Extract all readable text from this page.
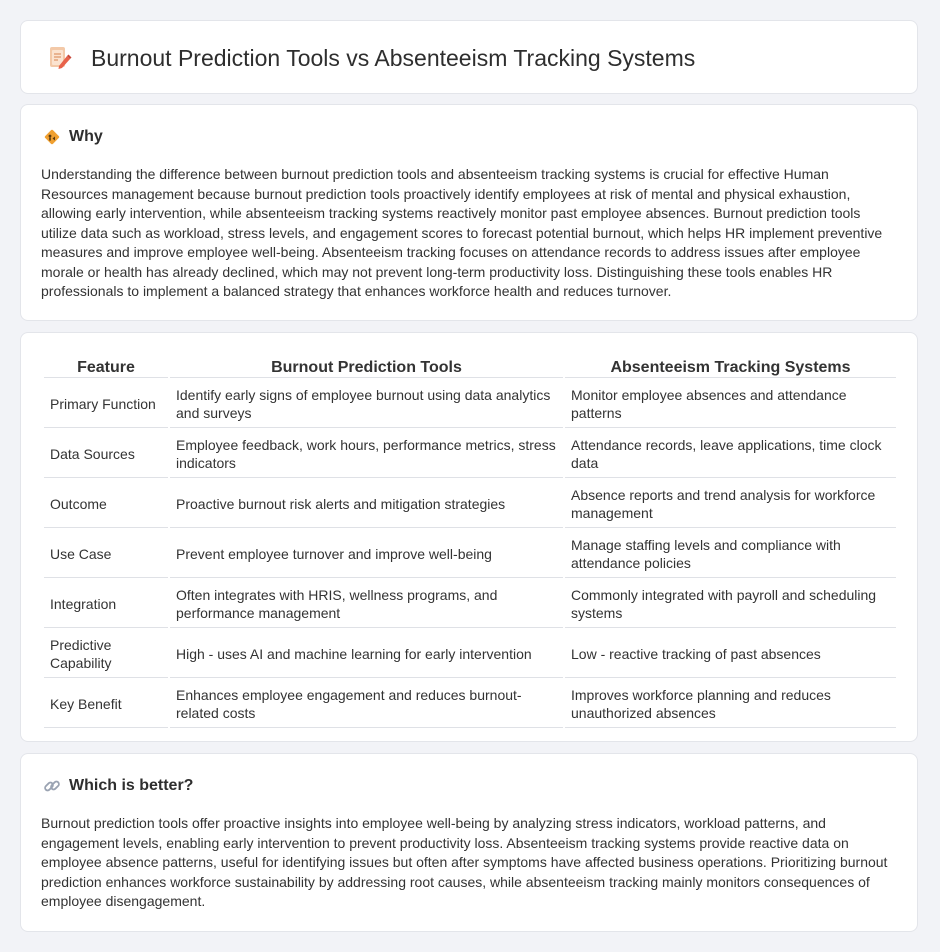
Burnout Prediction Tools vs Absenteeism Tracking Systems
Why

Understanding the difference between burnout prediction tools and absenteeism tracking systems is crucial for effective Human Resources management because burnout prediction tools proactively identify employees at risk of mental and physical exhaustion, allowing early intervention, while absenteeism tracking systems reactively monitor past employee absences. Burnout prediction tools utilize data such as workload, stress levels, and engagement scores to forecast potential burnout, which helps HR implement preventive measures and improve employee well-being. Absenteeism tracking focuses on attendance records to address issues after employee morale or health has already declined, which may not prevent long-term productivity loss. Distinguishing these tools enables HR professionals to implement a balanced strategy that enhances workforce health and reduces turnover.

Feature	Burnout Prediction Tools	Absenteeism Tracking Systems
Primary Function	Identify early signs of employee burnout using data analytics and surveys	Monitor employee absences and attendance patterns
Data Sources	Employee feedback, work hours, performance metrics, stress indicators	Attendance records, leave applications, time clock data
Outcome	Proactive burnout risk alerts and mitigation strategies	Absence reports and trend analysis for workforce management
Use Case	Prevent employee turnover and improve well-being	Manage staffing levels and compliance with attendance policies
Integration	Often integrates with HRIS, wellness programs, and performance management	Commonly integrated with payroll and scheduling systems
Predictive Capability	High - uses AI and machine learning for early intervention	Low - reactive tracking of past absences
Key Benefit	Enhances employee engagement and reduces burnout-related costs	Improves workforce planning and reduces unauthorized absences
Which is better?

Burnout prediction tools offer proactive insights into employee well-being by analyzing stress indicators, workload patterns, and engagement levels, enabling early intervention to prevent productivity loss. Absenteeism tracking systems provide reactive data on employee absence patterns, useful for identifying issues but often after symptoms have affected business operations. Prioritizing burnout prediction enhances workforce sustainability by addressing root causes, while absenteeism tracking mainly monitors consequences of employee disengagement.
